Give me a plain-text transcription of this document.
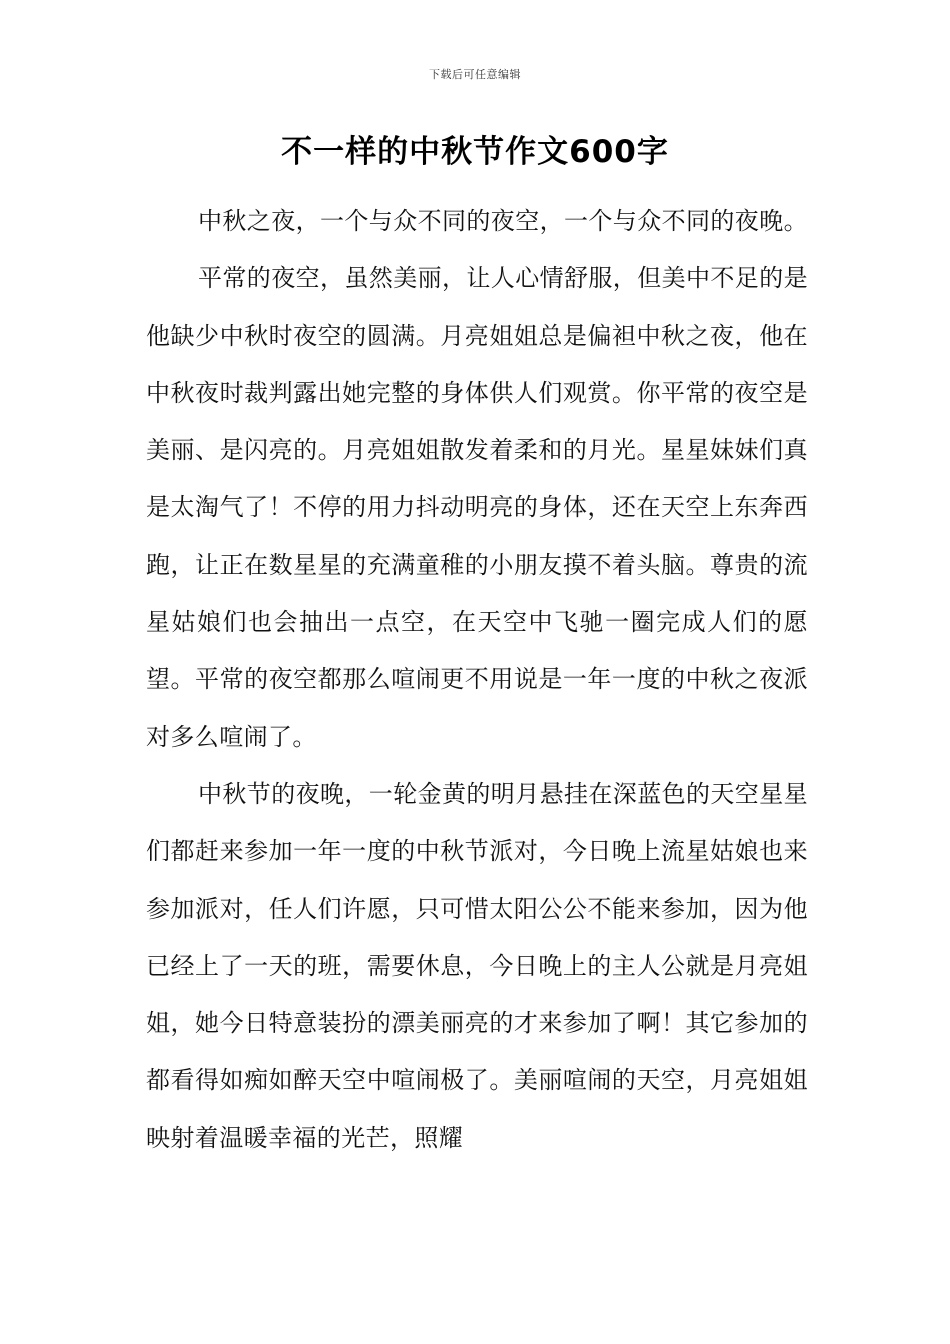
下载后可任意编辑
不一样的中秋节作文600字

中秋之夜，一个与众不同的夜空，一个与众不同的夜晚。

平常的夜空，虽然美丽，让人心情舒服，但美中不足的是他缺少中秋时夜空的圆满。月亮姐姐总是偏袒中秋之夜，他在中秋夜时裁判露出她完整的身体供人们观赏。你平常的夜空是美丽、是闪亮的。月亮姐姐散发着柔和的月光。星星妹妹们真是太淘气了！不停的用力抖动明亮的身体，还在天空上东奔西跑，让正在数星星的充满童稚的小朋友摸不着头脑。尊贵的流星姑娘们也会抽出一点空，在天空中飞驰一圈完成人们的愿望。平常的夜空都那么喧闹更不用说是一年一度的中秋之夜派对多么喧闹了。

中秋节的夜晚，一轮金黄的明月悬挂在深蓝色的天空星星们都赶来参加一年一度的中秋节派对，今日晚上流星姑娘也来参加派对，任人们许愿，只可惜太阳公公不能来参加，因为他已经上了一天的班，需要休息，今日晚上的主人公就是月亮姐姐，她今日特意装扮的漂美丽亮的才来参加了啊！其它参加的都看得如痴如醉天空中喧闹极了。美丽喧闹的天空，月亮姐姐映射着温暖幸福的光芒，照耀
